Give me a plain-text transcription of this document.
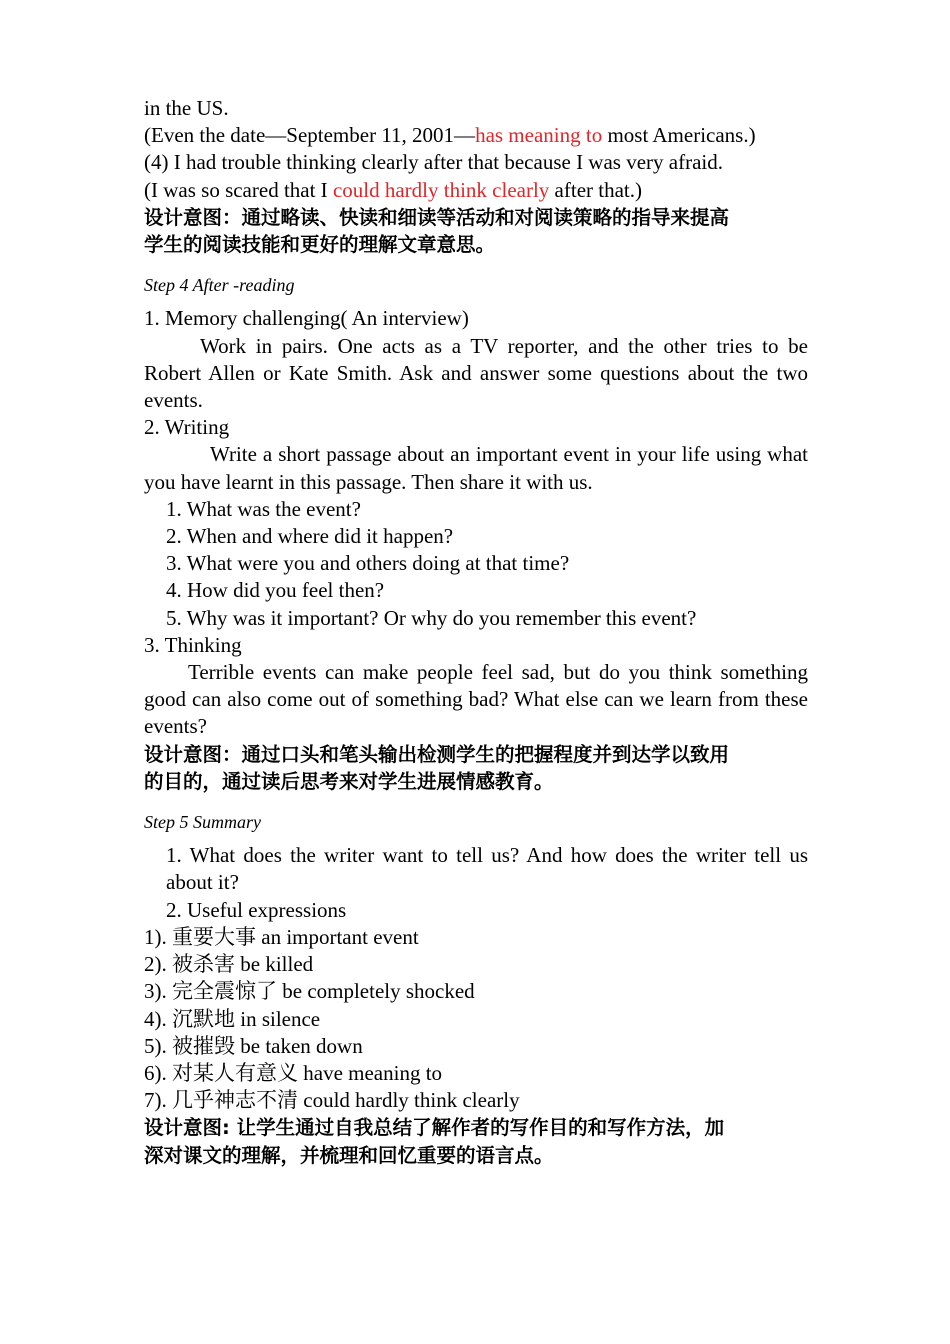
in the US.
(Even the date—September 11, 2001—has meaning to most Americans.)
(4) I had trouble thinking clearly after that because I was very afraid.
(I was so scared that I could hardly think clearly after that.)
设计意图：通过略读、快读和细读等活动和对阅读策略的指导来提高
学生的阅读技能和更好的理解文章意思。
Step 4 After -reading
1. Memory challenging( An interview)
Work in pairs. One acts as a TV reporter, and the other tries to be Robert Allen or Kate Smith. Ask and answer some questions about the two events.
2. Writing
Write a short passage about an important event in your life using what you have learnt in this passage. Then share it with us.
1. What was the event?
2. When and where did it happen?
3. What were you and others doing at that time?
4. How did you feel then?
5. Why was it important? Or why do you remember this event?
3. Thinking
Terrible events can make people feel sad, but do you think something good can also come out of something bad? What else can we learn from these events?
设计意图：通过口头和笔头输出检测学生的把握程度并到达学以致用
的目的，通过读后思考来对学生进展情感教育。
Step 5 Summary
1. What does the writer want to tell us? And how does the writer tell us about it?
2. Useful expressions
1). 重要大事 an important event
2). 被杀害 be killed
3). 完全震惊了 be completely shocked
4). 沉默地 in silence
5). 被摧毁 be taken down
6). 对某人有意义 have meaning to
7). 几乎神志不清 could hardly think clearly
设计意图: 让学生通过自我总结了解作者的写作目的和写作方法，加
深对课文的理解，并梳理和回忆重要的语言点。
